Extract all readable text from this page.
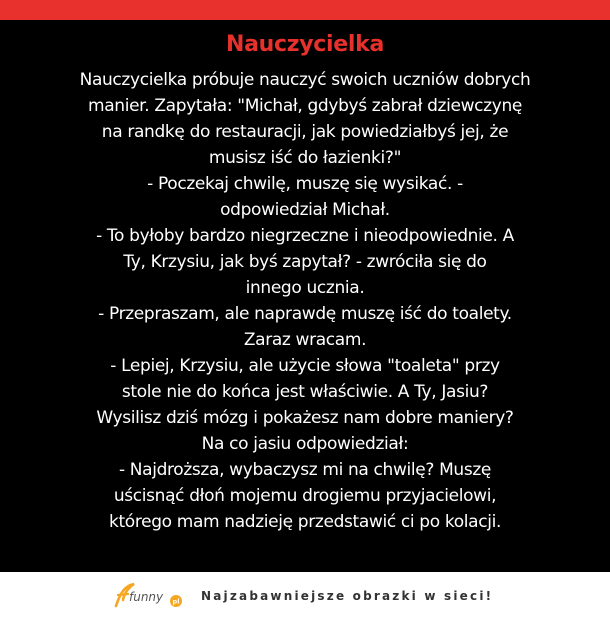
Nauczycielka
Nauczycielka próbuje nauczyć swoich uczniów dobrych
manier. Zapytała: "Michał, gdybyś zabrał dziewczynę
na randkę do restauracji, jak powiedziałbyś jej, że
musisz iść do łazienki?"
- Poczekaj chwilę, muszę się wysikać. -
odpowiedział Michał.
- To byłoby bardzo niegrzeczne i nieodpowiednie. A
Ty, Krzysiu, jak byś zapytał? - zwróciła się do
innego ucznia.
- Przepraszam, ale naprawdę muszę iść do toalety.
Zaraz wracam.
- Lepiej, Krzysiu, ale użycie słowa "toaleta" przy
stole nie do końca jest właściwie. A Ty, Jasiu?
Wysilisz dziś mózg i pokażesz nam dobre maniery?
Na co jasiu odpowiedział:
- Najdroższa, wybaczysz mi na chwilę? Muszę
uścisnąć dłoń mojemu drogiemu przyjacielowi,
którego mam nadzieję przedstawić ci po kolacji.
funny pl Najzabawniejsze obrazki w sieci!
